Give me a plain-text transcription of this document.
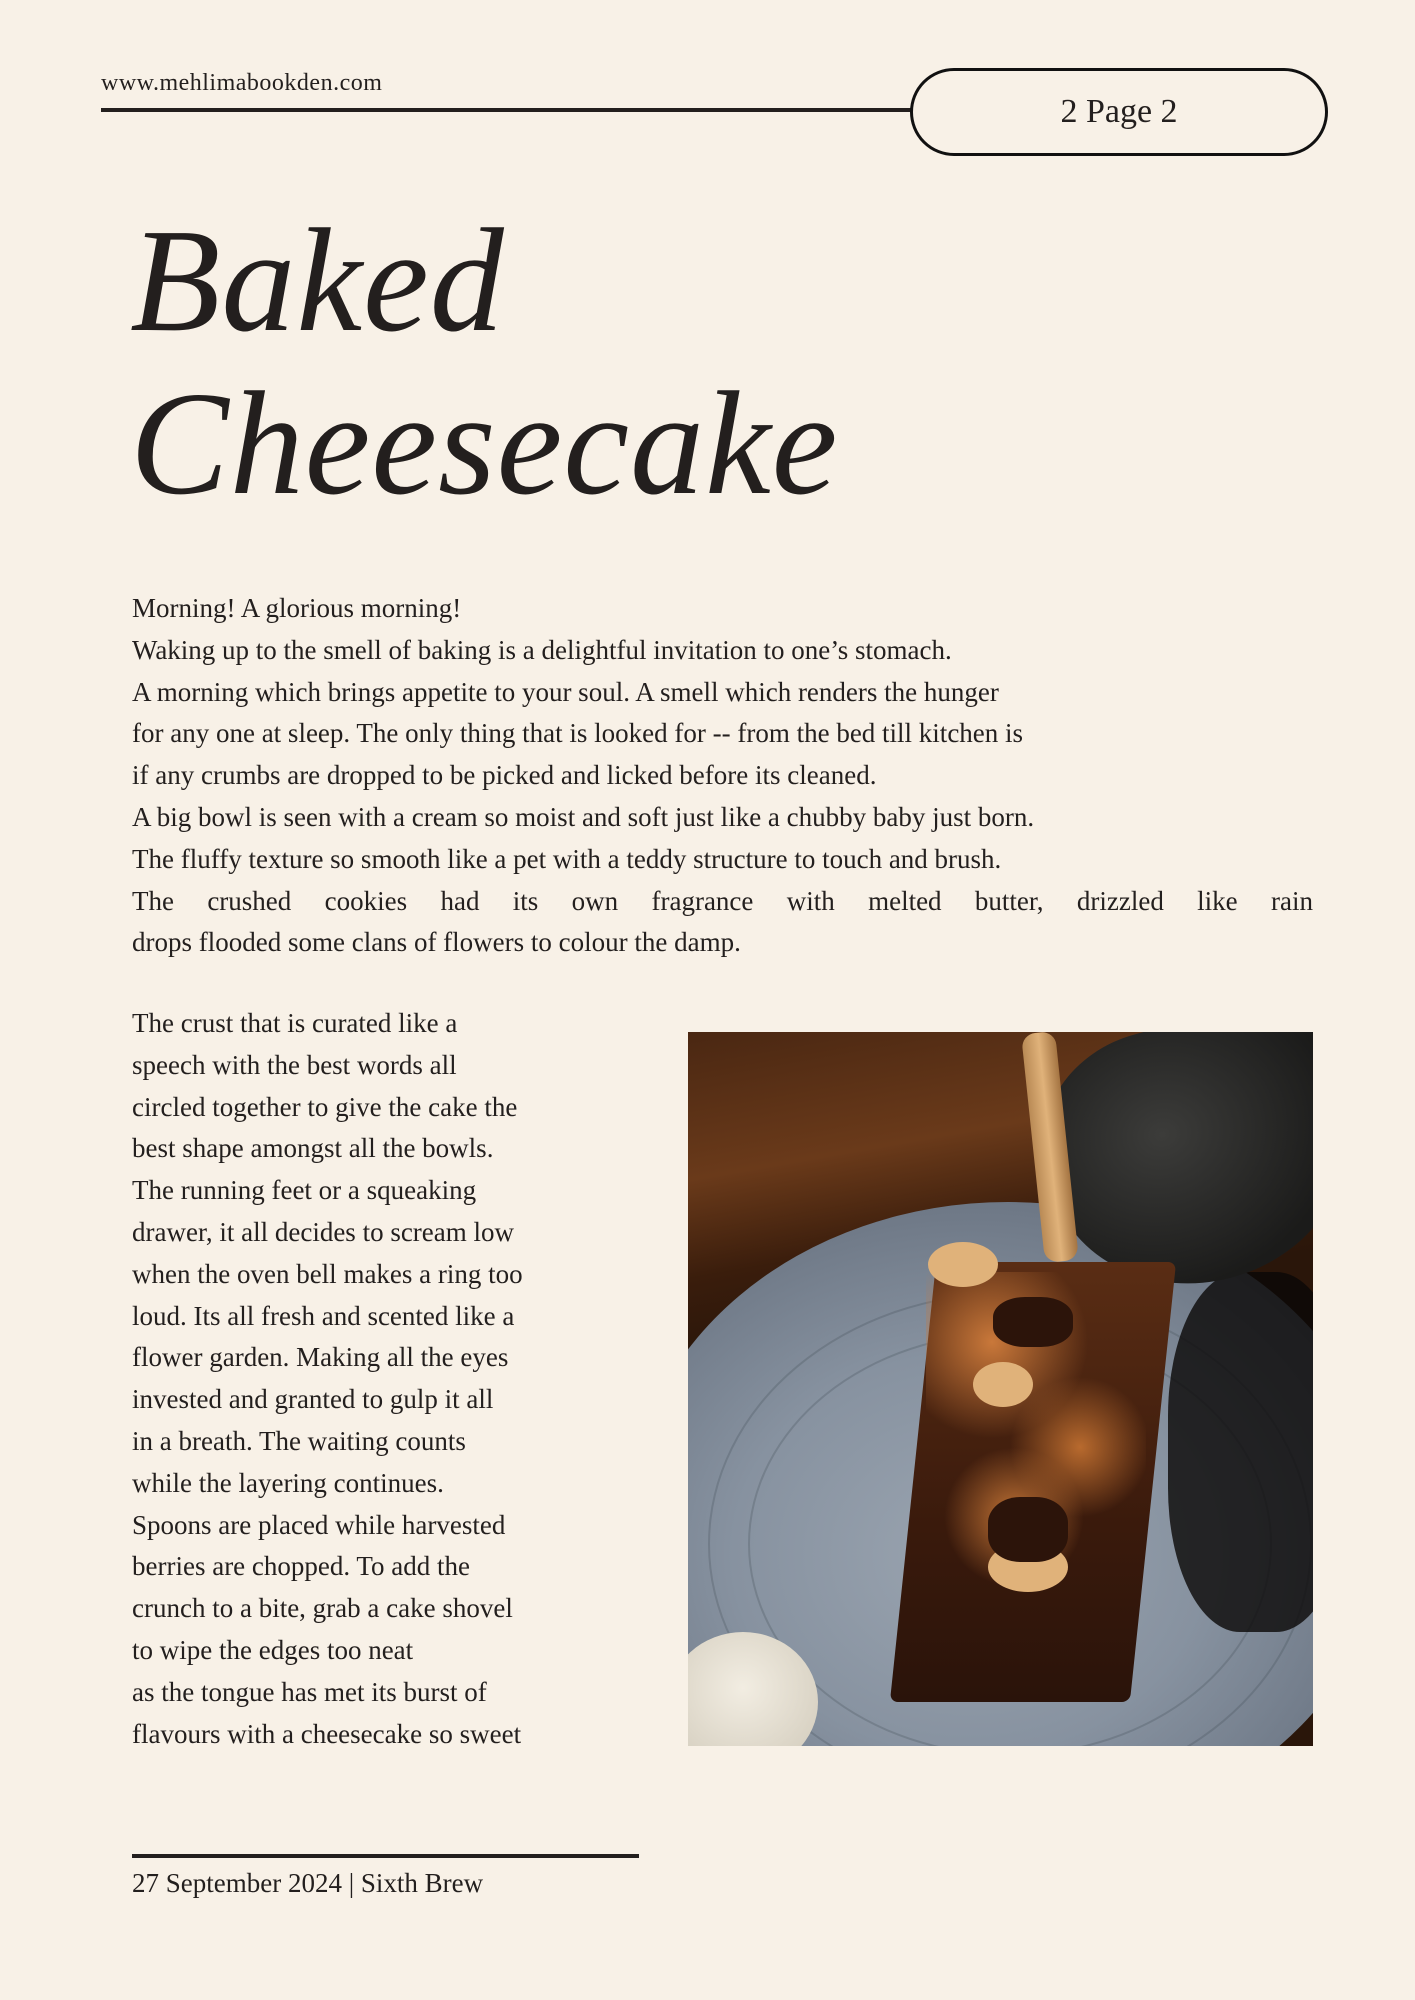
www.mehlimabookden.com
2 Page 2
Baked
Cheesecake
Morning! A glorious morning!
Waking up to the smell of baking is a delightful invitation to one’s stomach.
A morning which brings appetite to your soul. A smell which renders the hunger
for any one at sleep. The only thing that is looked for -- from the bed till kitchen is
if any crumbs are dropped to be picked and licked before its cleaned.
A big bowl is seen with a cream so moist and soft just like a chubby baby just born.
The fluffy texture so smooth like a pet with a teddy structure to touch and brush.
The crushed cookies had its own fragrance with melted butter, drizzled like rain
drops flooded some clans of flowers to colour the damp.
The crust that is curated like a
speech with the best words all
circled together to give the cake the
best shape amongst all the bowls.
The running feet or a squeaking
drawer, it all decides to scream low
when the oven bell makes a ring too
loud. Its all fresh and scented like a
flower garden. Making all the eyes
invested and granted to gulp it all
in a breath. The waiting counts
while the layering continues.
Spoons are placed while harvested
berries are chopped. To add the
crunch to a bite, grab a cake shovel
to wipe the edges too neat
as the tongue has met its burst of
flavours with a cheesecake so sweet
27 September 2024 | Sixth Brew
